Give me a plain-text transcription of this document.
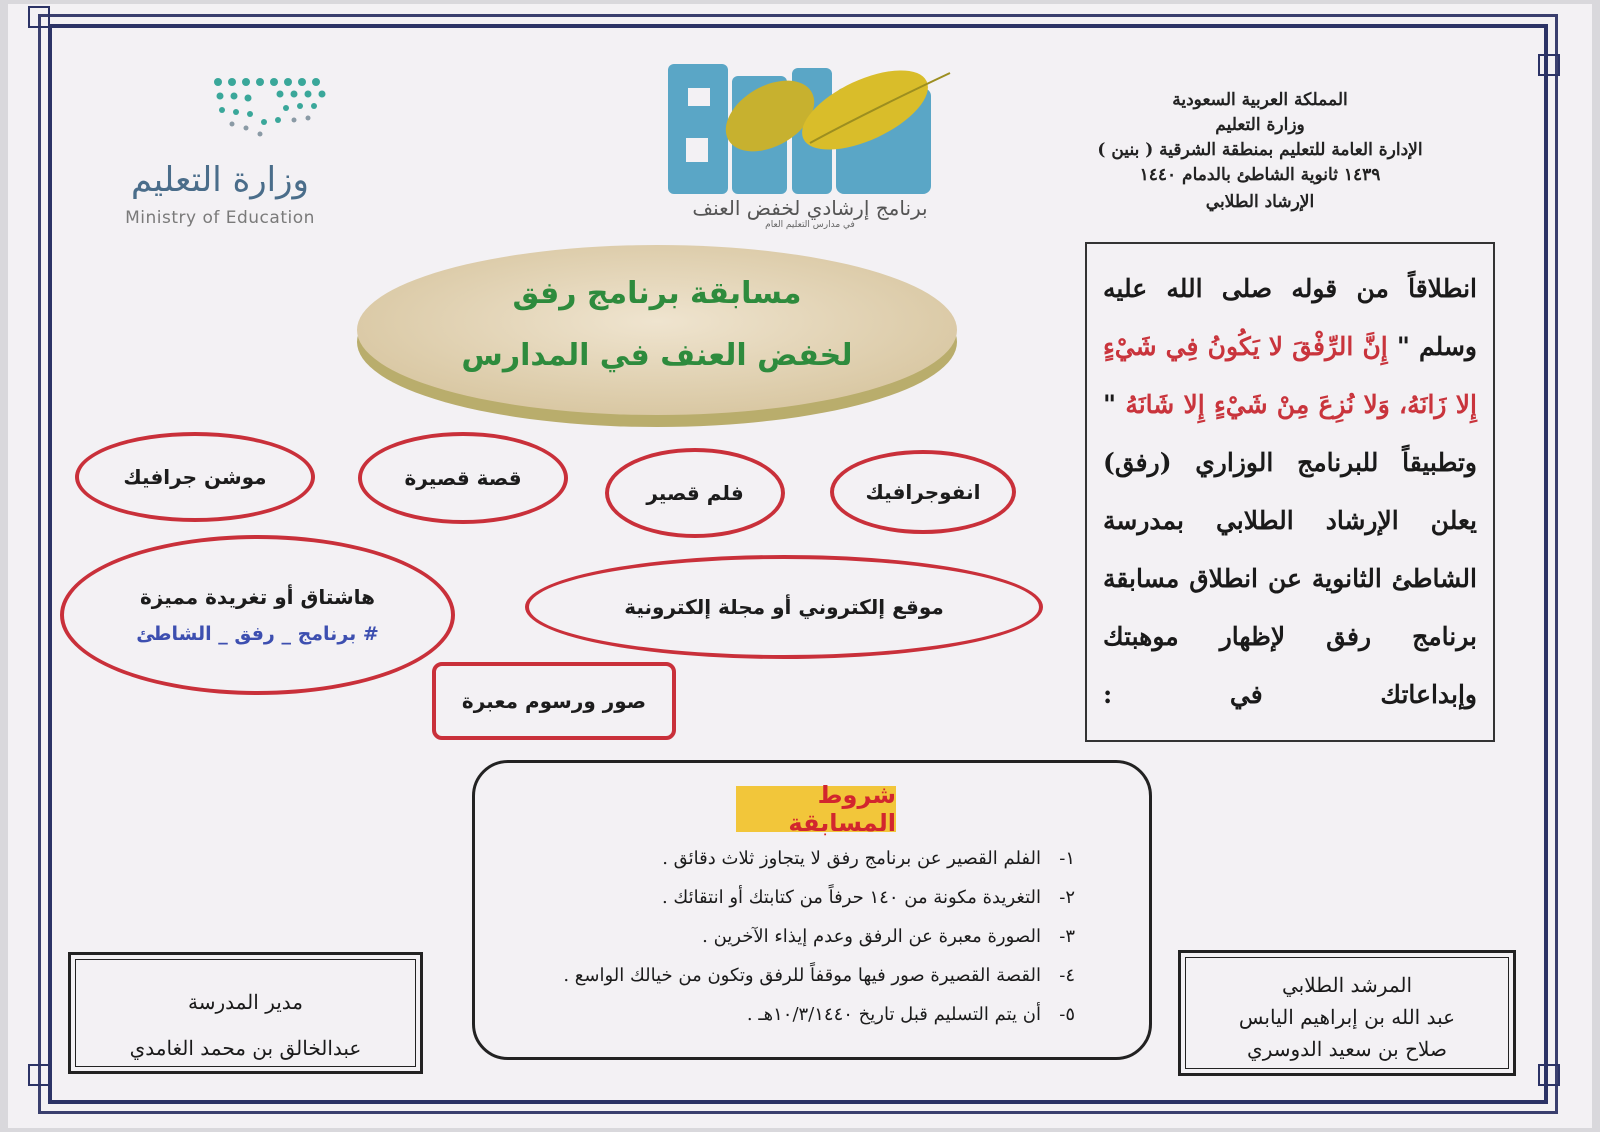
المملكة العربية السعودية
وزارة التعليم
الإدارة العامة للتعليم بمنطقة الشرقية ( بنين )
١٤٣٩ ثانوية الشاطئ بالدمام ١٤٤٠
الإرشاد الطلابي
وزارة التعليم
Ministry of Education	برنامج إرشادي لخفض العنف
في مدارس التعليم العام
مسابقة برنامج رفق
لخفض العنف في المدارس
موشن جرافيك	قصة قصيرة
فلم قصير	انفوجرافيك
هاشتاق أو تغريدة مميزة
# برنامج _ رفق _ الشاطئ
موقع إلكتروني أو مجلة إلكترونية
صور ورسوم معبرة
انطلاقاً من قوله صلى الله عليه وسلم " إِنَّ الرِّفْقَ لا يَكُونُ فِي شَيْءٍ إِلا زَانَهُ، وَلا نُزِعَ مِنْ شَيْءٍ إِلا شَانَهُ " وتطبيقاً للبرنامج الوزاري (رفق) يعلن الإرشاد الطلابي بمدرسة الشاطئ الثانوية عن انطلاق مسابقة برنامج رفق لإظهار موهبتك وإبداعاتك في :
شروط المسابقة
١-
الفلم القصير عن برنامج رفق لا يتجاوز ثلاث دقائق .
٢-
التغريدة مكونة من ١٤٠ حرفاً من كتابتك أو انتقائك .
٣-
الصورة معبرة عن الرفق وعدم إيذاء الآخرين .
٤-
القصة القصيرة صور فيها موقفاً للرفق وتكون من خيالك الواسع .
٥-
أن يتم التسليم قبل تاريخ ١٠/٣/١٤٤٠هـ .
المرشد الطلابي
عبد الله بن إبراهيم اليابس
صلاح بن سعيد الدوسري
مدير المدرسة
عبدالخالق بن محمد الغامدي
